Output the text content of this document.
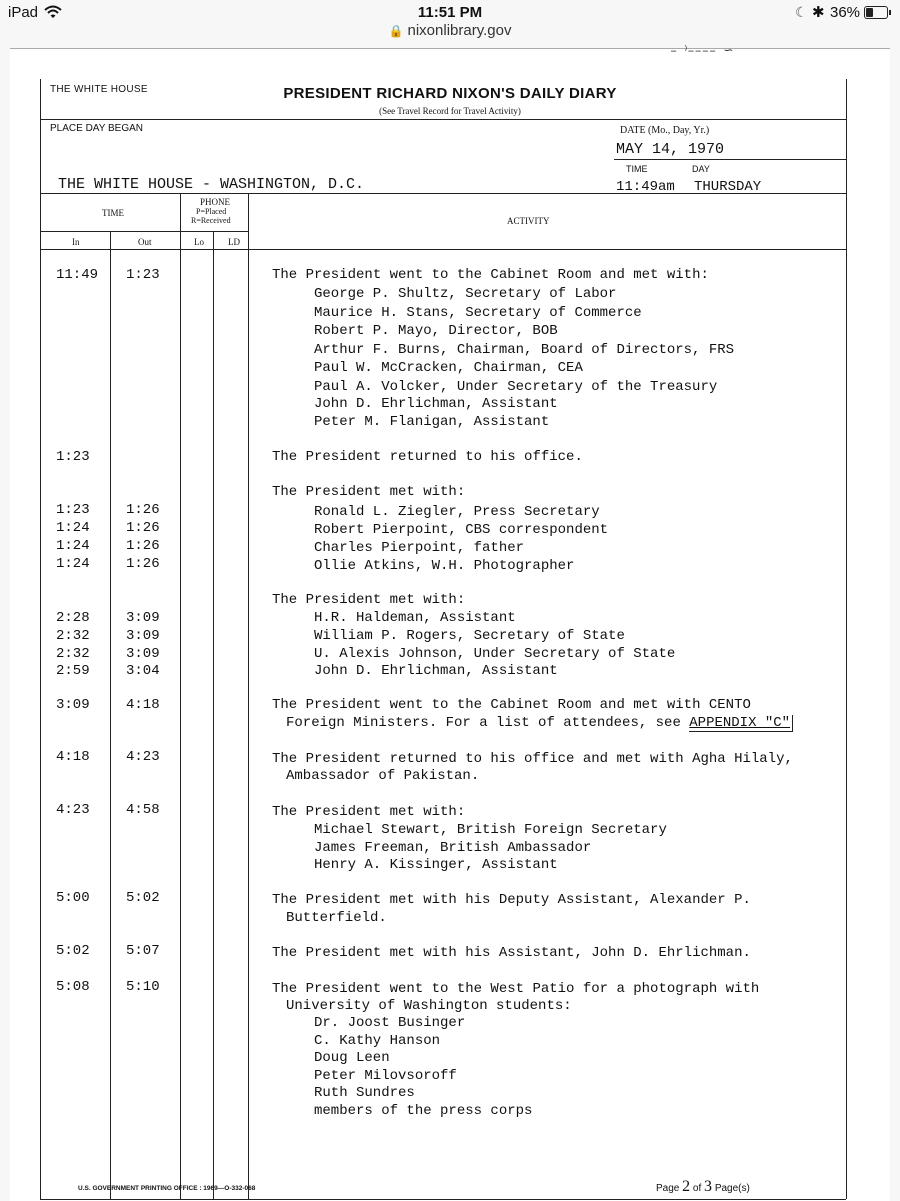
iPad	11:51 PM	☾ ✱ 36%
🔒 nixonlibrary.gov
‒ ⁾‒‒‒‒ ∽
THE WHITE HOUSE	PRESIDENT RICHARD NIXON'S DAILY DIARY
(See Travel Record for Travel Activity)
PLACE DAY BEGAN	DATE (Mo., Day, Yr.)
MAY 14, 1970
TIME	DAY
THE WHITE HOUSE - WASHINGTON, D.C.	11:49am THURSDAY
TIME
PHONE
P=Placed
R=Received	ACTIVITY
In	Out	Lo	LD
11:49 1:23	The President went to the Cabinet Room and met with:
George P. Shultz, Secretary of Labor
Maurice H. Stans, Secretary of Commerce
Robert P. Mayo, Director, BOB
Arthur F. Burns, Chairman, Board of Directors, FRS
Paul W. McCracken, Chairman, CEA
Paul A. Volcker, Under Secretary of the Treasury
John D. Ehrlichman, Assistant
Peter M. Flanigan, Assistant
1:23	The President returned to his office.
The President met with:
1:23	1:26	Ronald L. Ziegler, Press Secretary
1:24	1:26	Robert Pierpoint, CBS correspondent
1:24	1:26	Charles Pierpoint, father
1:24	1:26	Ollie Atkins, W.H. Photographer
The President met with:
2:28	3:09	H.R. Haldeman, Assistant
2:32	3:09	William P. Rogers, Secretary of State
2:32	3:09	U. Alexis Johnson, Under Secretary of State
2:59	3:04	John D. Ehrlichman, Assistant
3:09	4:18	The President went to the Cabinet Room and met with CENTO
Foreign Ministers. For a list of attendees, see APPENDIX "C"
4:18	4:23	The President returned to his office and met with Agha Hilaly,
Ambassador of Pakistan.
4:23	4:58	The President met with:
Michael Stewart, British Foreign Secretary
James Freeman, British Ambassador
Henry A. Kissinger, Assistant
5:00	5:02	The President met with his Deputy Assistant, Alexander P.
Butterfield.
5:02	5:07	The President met with his Assistant, John D. Ehrlichman.
5:08	5:10	The President went to the West Patio for a photograph with
University of Washington students:
Dr. Joost Businger
C. Kathy Hanson
Doug Leen
Peter Milovsoroff
Ruth Sundres
members of the press corps
U.S. GOVERNMENT PRINTING OFFICE : 1969—O-332-068	Page 2 of 3 Page(s)
